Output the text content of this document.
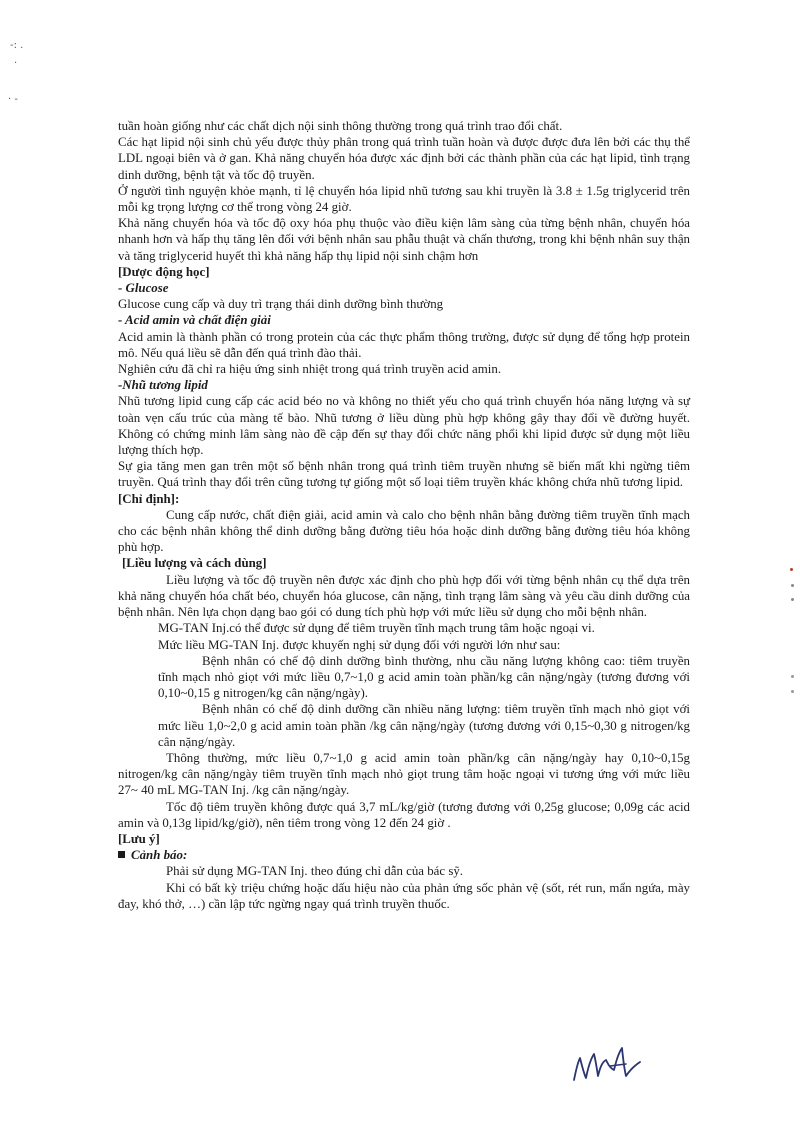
-: .
·
· -

tuần hoàn giống như các chất dịch nội sinh thông thường trong quá trình trao đổi chất.

Các hạt lipid nội sinh chủ yếu được thủy phân trong quá trình tuần hoàn và được được đưa lên bởi các thụ thể LDL ngoại biên và ở gan. Khả năng chuyển hóa được xác định bởi các thành phần của các hạt lipid, tình trạng dinh dưỡng, bệnh tật và tốc độ truyền.

Ở người tình nguyện khỏe mạnh, tỉ lệ chuyển hóa lipid nhũ tương sau khi truyền là 3.8 ± 1.5g triglycerid trên mỗi kg trọng lượng cơ thể trong vòng 24 giờ.

Khả năng chuyển hóa và tốc độ oxy hóa phụ thuộc vào điều kiện lâm sàng của từng bệnh nhân, chuyển hóa nhanh hơn và hấp thụ tăng lên đối với bệnh nhân sau phẫu thuật và chấn thương, trong khi bệnh nhân suy thận và tăng triglycerid huyết thì khả năng hấp thụ lipid nội sinh chậm hơn

[Dược động học]

- Glucose

Glucose cung cấp và duy trì trạng thái dinh dưỡng bình thường

- Acid amin và chất điện giải

Acid amin là thành phần có trong protein của các thực phẩm thông trường, được sử dụng để tổng hợp protein mô. Nếu quá liều sẽ dẫn đến quá trình đào thải.

Nghiên cứu đã chỉ ra hiệu ứng sinh nhiệt trong quá trình truyền acid amin.

-Nhũ tương lipid

Nhũ tương lipid cung cấp các acid béo no và không no thiết yếu cho quá trình chuyển hóa năng lượng và sự toàn vẹn cấu trúc của màng tế bào. Nhũ tương ở liều dùng phù hợp không gây thay đổi về đường huyết. Không có chứng minh lâm sàng nào đề cập đến sự thay đổi chức năng phổi khi lipid được sử dụng một liều lượng thích hợp.

Sự gia tăng men gan trên một số bệnh nhân trong quá trình tiêm truyền nhưng sẽ biến mất khi ngừng tiêm truyền. Quá trình thay đổi trên cũng tương tự giống một số loại tiêm truyền khác không chứa nhũ tương lipid.

[Chỉ định]:

Cung cấp nước, chất điện giải, acid amin và calo cho bệnh nhân bằng đường tiêm truyền tĩnh mạch cho các bệnh nhân không thể dinh dưỡng bằng đường tiêu hóa hoặc dinh dưỡng bằng đường tiêu hóa không phù hợp.

[Liều lượng và cách dùng]

Liều lượng và tốc độ truyền nên được xác định cho phù hợp đối với từng bệnh nhân cụ thể dựa trên khả năng chuyển hóa chất béo, chuyển hóa glucose, cân nặng, tình trạng lâm sàng và yêu cầu dinh dưỡng của bệnh nhân. Nên lựa chọn dạng bao gói có dung tích phù hợp với mức liều sử dụng cho mỗi bệnh nhân.

MG-TAN Inj.có thể được sử dụng để tiêm truyền tĩnh mạch trung tâm hoặc ngoại vi.

Mức liều MG-TAN Inj. được khuyến nghị sử dụng đối với người lớn như sau:

Bệnh nhân có chế độ dinh dưỡng bình thường, nhu cầu năng lượng không cao: tiêm truyền tĩnh mạch nhỏ giọt với mức liều 0,7~1,0 g acid amin toàn phần/kg cân nặng/ngày (tương đương với 0,10~0,15 g nitrogen/kg cân nặng/ngày).

Bệnh nhân có chế độ dinh dưỡng cần nhiều năng lượng: tiêm truyền tĩnh mạch nhỏ giọt với mức liều 1,0~2,0 g acid amin toàn phần /kg cân nặng/ngày (tương đương với 0,15~0,30 g nitrogen/kg cân nặng/ngày.

Thông thường, mức liều 0,7~1,0 g acid amin toàn phần/kg cân nặng/ngày hay 0,10~0,15g nitrogen/kg cân nặng/ngày tiêm truyền tĩnh mạch nhỏ giọt trung tâm hoặc ngoại vi tương ứng với mức liều 27~ 40 mL MG-TAN Inj. /kg cân nặng/ngày.

Tốc độ tiêm truyền không được quá 3,7 mL/kg/giờ (tương đương với 0,25g glucose; 0,09g các acid amin và 0,13g lipid/kg/giờ), nên tiêm trong vòng 12 đến 24 giờ .

[Lưu ý]

Cảnh báo:

Phải sử dụng MG-TAN Inj. theo đúng chỉ dẫn của bác sỹ.

Khi có bất kỳ triệu chứng hoặc dấu hiệu nào của phản ứng sốc phản vệ (sốt, rét run, mẩn ngứa, mày đay, khó thở, …) cần lập tức ngừng ngay quá trình truyền thuốc.
